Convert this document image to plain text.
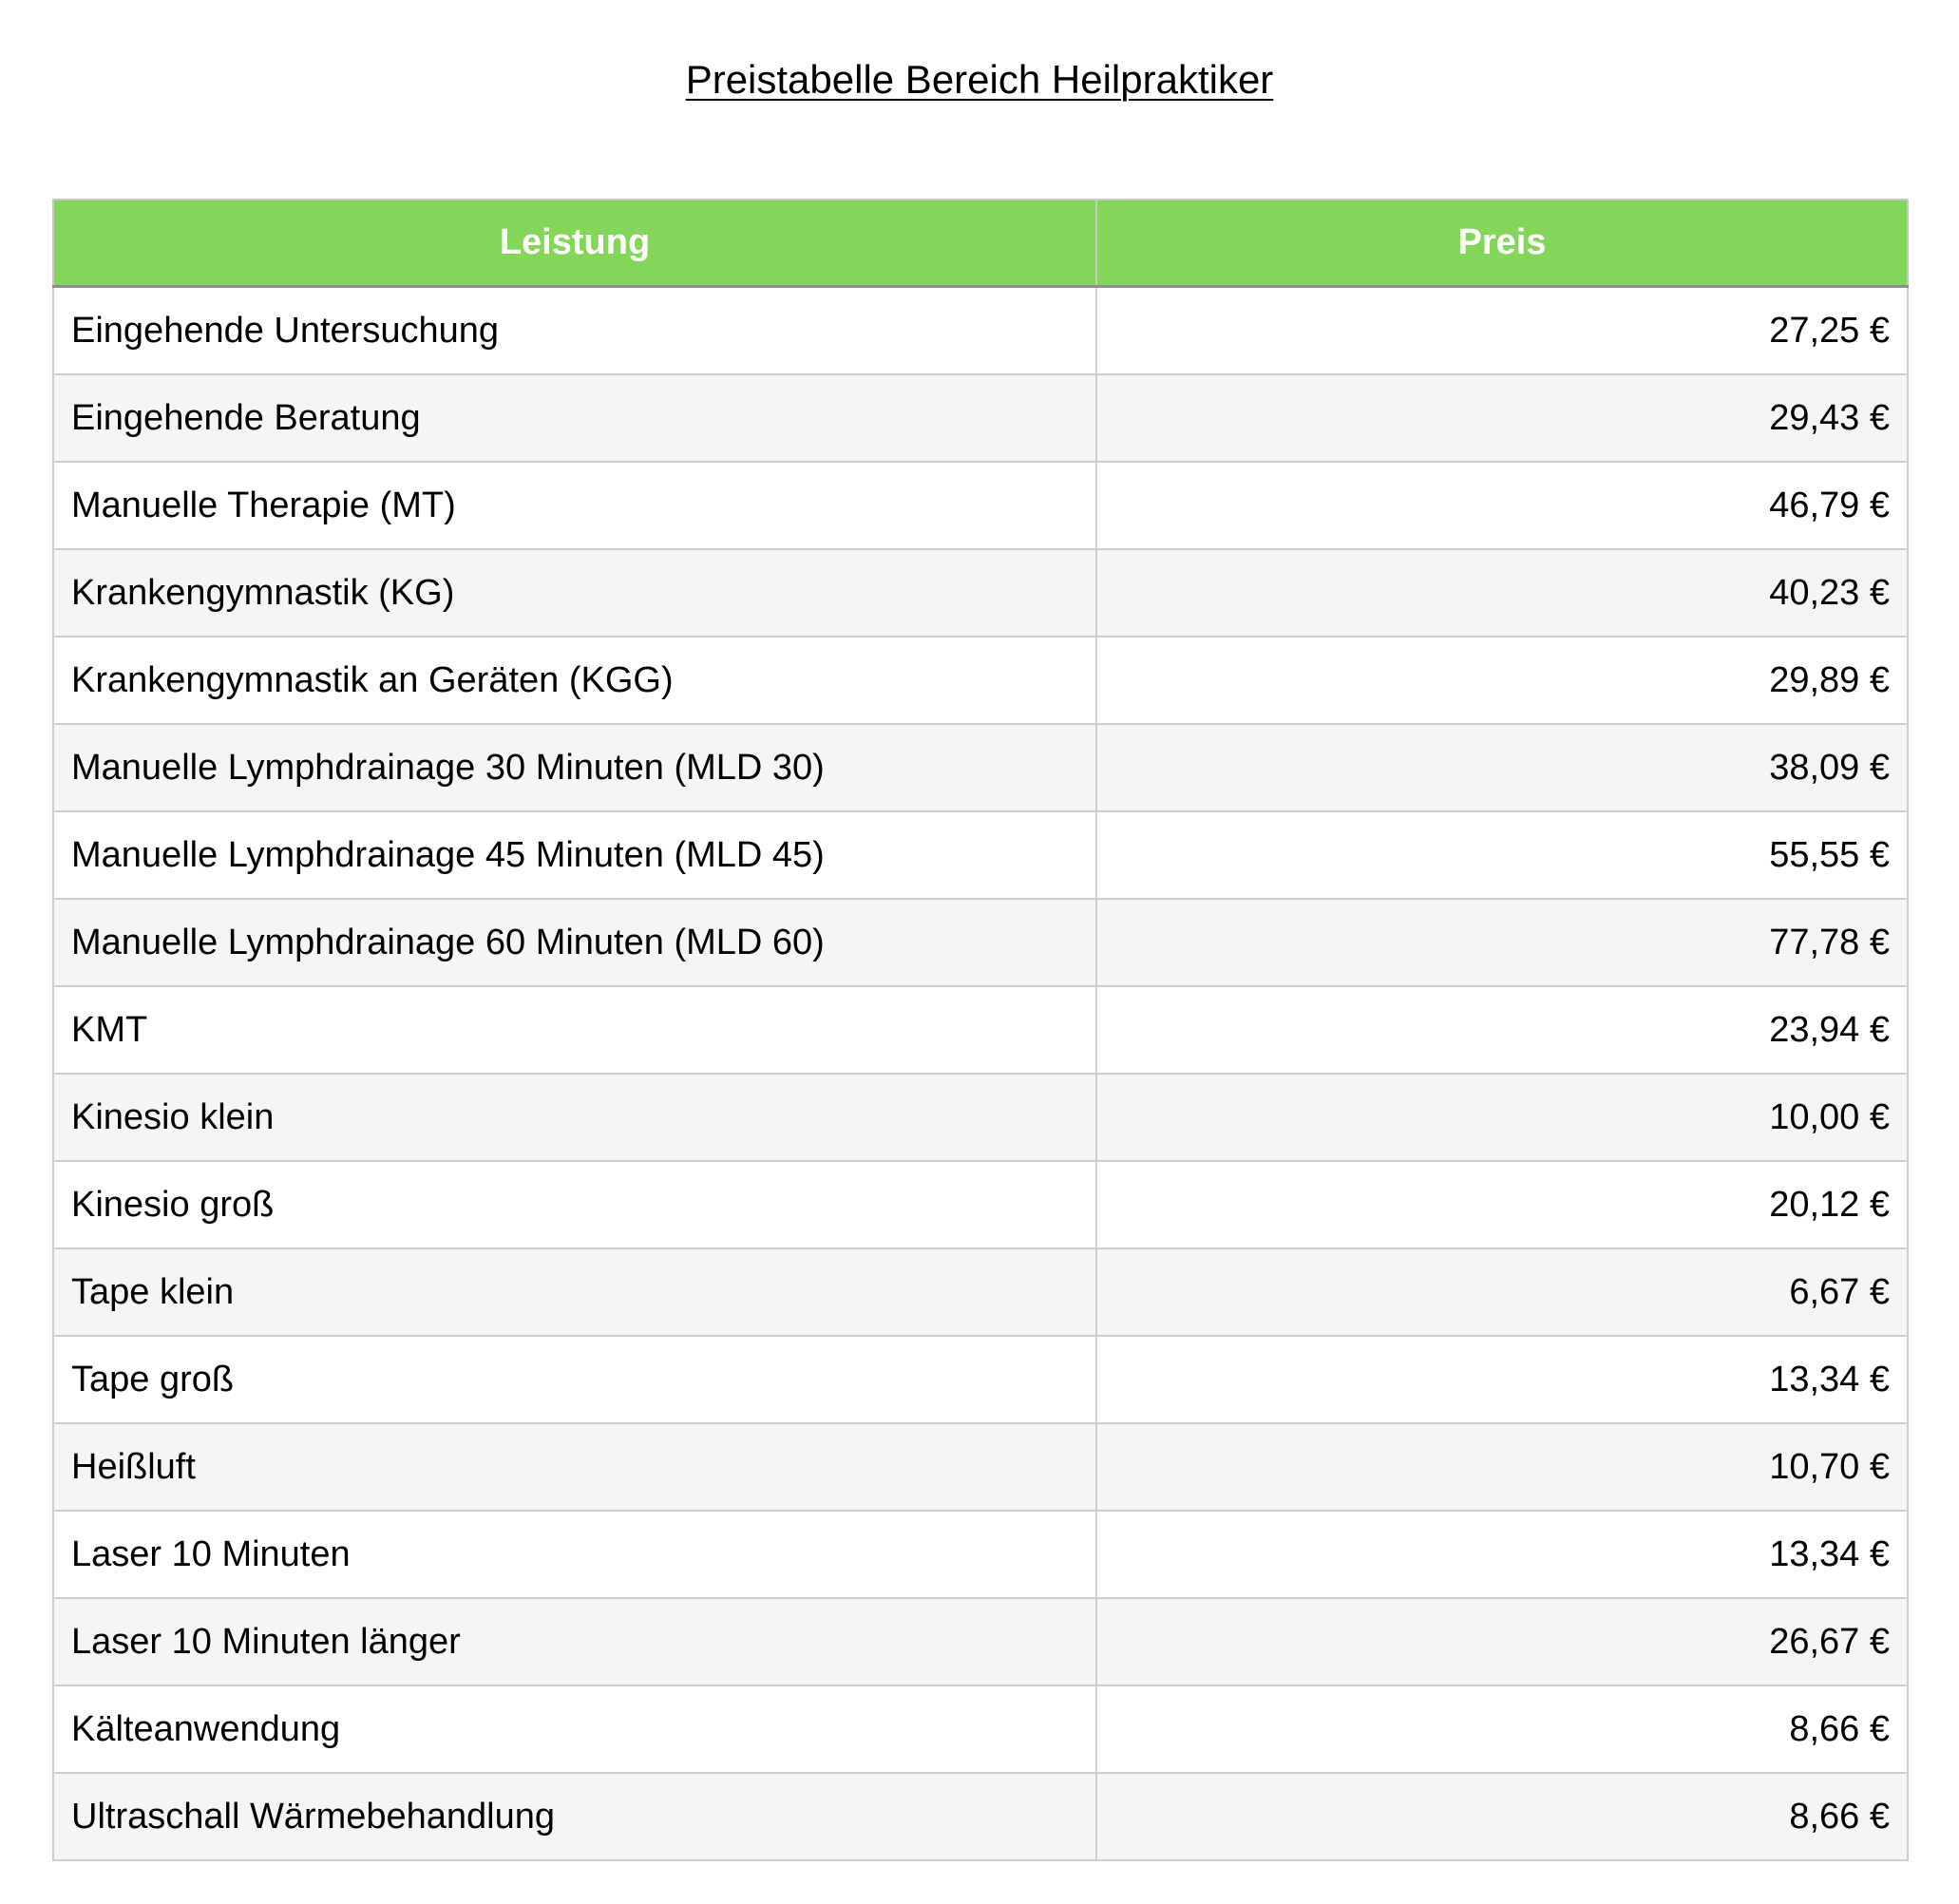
Preistabelle Bereich Heilpraktiker
Leistung	Preis
Eingehende Untersuchung	27,25 €
Eingehende Beratung	29,43 €
Manuelle Therapie (MT)	46,79 €
Krankengymnastik (KG)	40,23 €
Krankengymnastik an Geräten (KGG)	29,89 €
Manuelle Lymphdrainage 30 Minuten (MLD 30)	38,09 €
Manuelle Lymphdrainage 45 Minuten (MLD 45)	55,55 €
Manuelle Lymphdrainage 60 Minuten (MLD 60)	77,78 €
KMT	23,94 €
Kinesio klein	10,00 €
Kinesio groß	20,12 €
Tape klein	6,67 €
Tape groß	13,34 €
Heißluft	10,70 €
Laser 10 Minuten	13,34 €
Laser 10 Minuten länger	26,67 €
Kälteanwendung	8,66 €
Ultraschall Wärmebehandlung	8,66 €
